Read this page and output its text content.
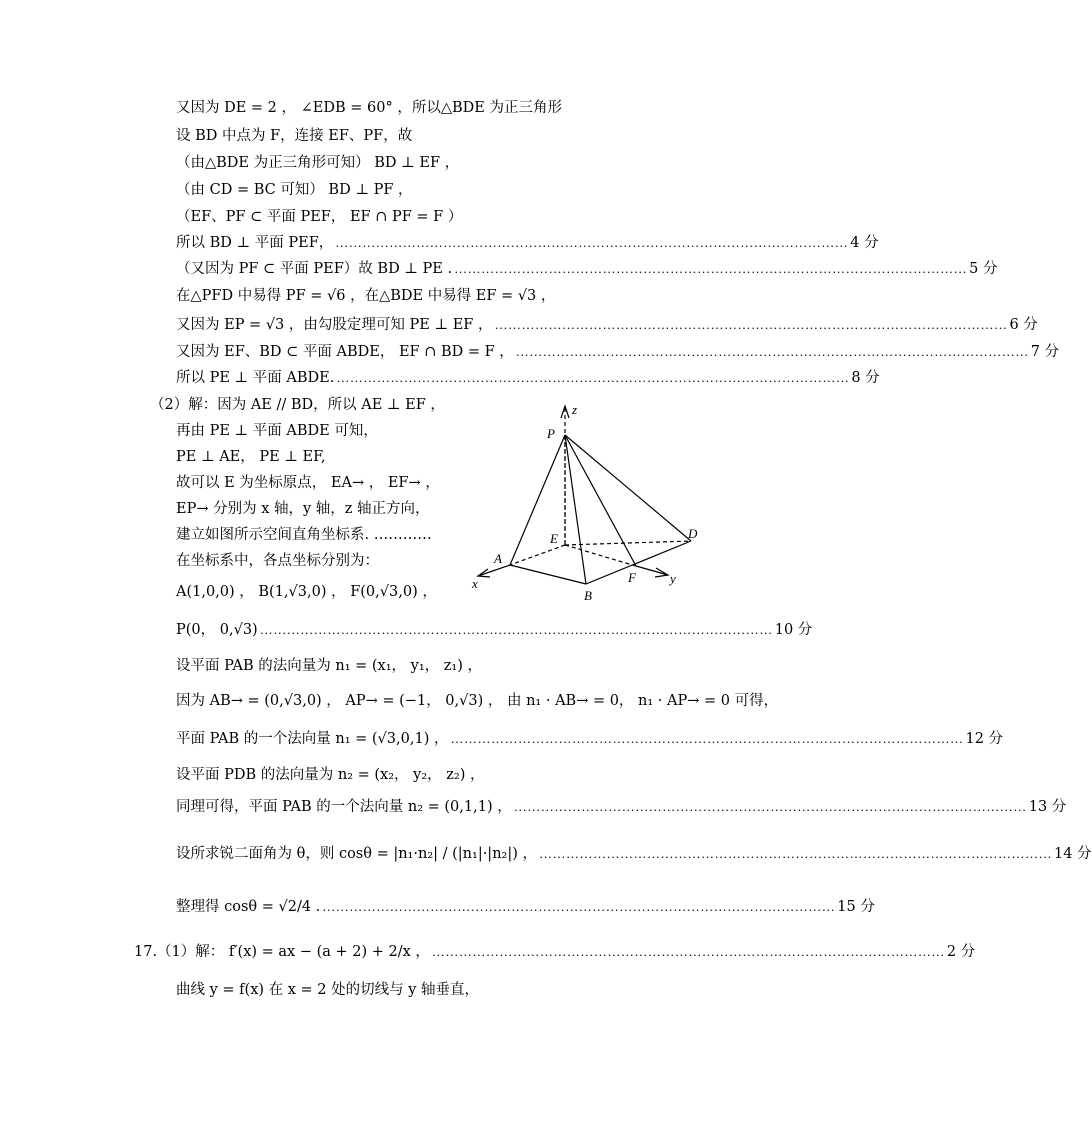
又因为 DE = 2 ， ∠EDB = 60° ，所以△BDE 为正三角形
设 BD 中点为 F，连接 EF、PF，故
（由△BDE 为正三角形可知） BD ⊥ EF ，
（由 CD = BC 可知） BD ⊥ PF ，
（EF、PF ⊂ 平面 PEF， EF ∩ PF = F ）
所以 BD ⊥ 平面 PEF， …………………………………………………………………………………………………… 4 分
（又因为 PF ⊂ 平面 PEF）故 BD ⊥ PE . …………………………………………………………………………………………………… 5 分
在△PFD 中易得 PF = √6 ，在△BDE 中易得 EF = √3 ，
又因为 EP = √3 ，由勾股定理可知 PE ⊥ EF ， …………………………………………………………………………………………………… 6 分
又因为 EF、BD ⊂ 平面 ABDE， EF ∩ BD = F ， …………………………………………………………………………………………………… 7 分
所以 PE ⊥ 平面 ABDE. …………………………………………………………………………………………………… 8 分
（2）解：因为 AE // BD，所以 AE ⊥ EF ，
再由 PE ⊥ 平面 ABDE 可知，
PE ⊥ AE， PE ⊥ EF,
故可以 E 为坐标原点， EA→ ， EF→ ，
EP→ 分别为 x 轴，y 轴，z 轴正方向，
建立如图所示空间直角坐标系. …………
在坐标系中，各点坐标分别为：
A(1,0,0) ， B(1,√3,0) ， F(0,√3,0) ，
z
P
E	D
A
x	F	y
B
P(0， 0,√3) …………………………………………………………………………………………………… 10 分
设平面 PAB 的法向量为 n₁ = (x₁， y₁， z₁) ，
因为 AB→ = (0,√3,0) ， AP→ = (−1， 0,√3) ， 由 n₁ · AB→ = 0， n₁ · AP→ = 0 可得，
平面 PAB 的一个法向量 n₁ = (√3,0,1) ， …………………………………………………………………………………………………… 12 分
设平面 PDB 的法向量为 n₂ = (x₂， y₂， z₂) ，
同理可得，平面 PAB 的一个法向量 n₂ = (0,1,1) ， …………………………………………………………………………………………………… 13 分
设所求锐二面角为 θ，则 cosθ = |n₁·n₂| / (|n₁|·|n₂|) ， …………………………………………………………………………………………………… 14 分
整理得 cosθ = √2/4 . …………………………………………………………………………………………………… 15 分
17.（1）解： f′(x) = ax − (a + 2) + 2/x ， …………………………………………………………………………………………………… 2 分
曲线 y = f(x) 在 x = 2 处的切线与 y 轴垂直，
